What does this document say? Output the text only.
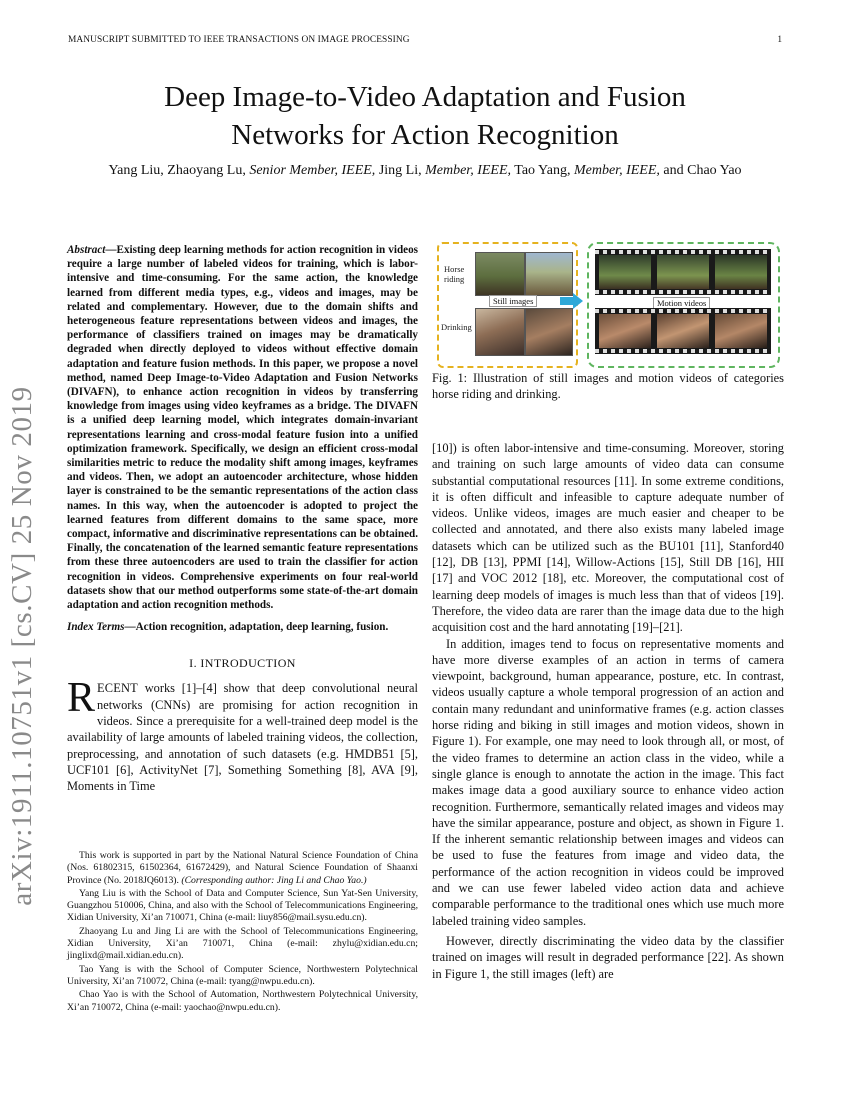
MANUSCRIPT SUBMITTED TO IEEE TRANSACTIONS ON IMAGE PROCESSING	1
arXiv:1911.10751v1 [cs.CV] 25 Nov 2019
Deep Image-to-Video Adaptation and Fusion
Networks for Action Recognition
Yang Liu, Zhaoyang Lu, Senior Member, IEEE, Jing Li, Member, IEEE, Tao Yang, Member, IEEE, and Chao Yao
Abstract—Existing deep learning methods for action recognition in videos require a large number of labeled videos for training, which is labor-intensive and time-consuming. For the same action, the knowledge learned from different media types, e.g., videos and images, may be related and complementary. However, due to the domain shifts and heterogeneous feature representations between videos and images, the performance of classifiers trained on images may be dramatically degraded when directly deployed to videos without effective domain adaptation and feature fusion methods. In this paper, we propose a novel method, named Deep Image-to-Video Adaptation and Fusion Networks (DIVAFN), to enhance action recognition in videos by transferring knowledge from images using video keyframes as a bridge. The DIVAFN is a unified deep learning model, which integrates domain-invariant representations learning and cross-modal feature fusion into a unified optimization framework. Specifically, we design an efficient cross-modal similarities metric to reduce the modality shift among images, keyframes and videos. Then, we adopt an autoencoder architecture, whose hidden layer is constrained to be the semantic representations of the action class names. In this way, when the autoencoder is adopted to project the learned features from different domains to the same space, more compact, informative and discriminative representations can be obtained. Finally, the concatenation of the learned semantic feature representations from these three autoencoders are used to train the classifier for action recognition in videos. Comprehensive experiments on four real-world datasets show that our method outperforms some state-of-the-art domain adaptation and action recognition methods.
Index Terms—Action recognition, adaptation, deep learning, fusion.
I. INTRODUCTION

RECENT works [1]–[4] show that deep convolutional neural networks (CNNs) are promising for action recognition in videos. Since a prerequisite for a well-trained deep model is the availability of large amounts of labeled training videos, the collection, preprocessing, and annotation of such datasets (e.g. HMDB51 [5], UCF101 [6], ActivityNet [7], Something Something [8], AVA [9], Moments in Time

This work is supported in part by the National Natural Science Foundation of China (Nos. 61802315, 61502364, 61672429), and Natural Science Foundation of Shaanxi Province (No. 2018JQ6013). (Corresponding author: Jing Li and Chao Yao.)

Yang Liu is with the School of Data and Computer Science, Sun Yat-Sen University, Guangzhou 510006, China, and also with the School of Telecommunications Engineering, Xidian University, Xi’an 710071, China (e-mail: liuy856@mail.sysu.edu.cn).

Zhaoyang Lu and Jing Li are with the School of Telecommunications Engineering, Xidian University, Xi’an 710071, China (e-mail: zhylu@xidian.edu.cn; jinglixd@mail.xidian.edu.cn).

Tao Yang is with the School of Computer Science, Northwestern Polytechnical University, Xi’an 710072, China (e-mail: tyang@nwpu.edu.cn).

Chao Yao is with the School of Automation, Northwestern Polytechnical University, Xi’an 710072, China (e-mail: yaochao@nwpu.edu.cn).

Horse riding
Drinking
Still images	Motion videos
Fig. 1: Illustration of still images and motion videos of categories horse riding and drinking.

[10]) is often labor-intensive and time-consuming. Moreover, storing and training on such large amounts of video data can consume substantial computational resources [11]. In some extreme conditions, it is often difficult and infeasible to capture adequate number of videos. Unlike videos, images are much easier and cheaper to be collected and annotated, and there also exists many labeled image datasets which can be utilized such as the BU101 [11], Stanford40 [12], DB [13], PPMI [14], Willow-Actions [15], Still DB [16], HII [17] and VOC 2012 [18], etc. Moreover, the computational cost of learning deep models of images is much less than that of videos [19]. Therefore, the video data are rarer than the image data due to the high acquisition cost and the hard annotating [19]–[21].

In addition, images tend to focus on representative moments and have more diverse examples of an action in terms of camera viewpoint, background, human appearance, posture, etc. In contrast, videos usually capture a whole temporal progression of an action and contain many redundant and uninformative frames (e.g. action classes horse riding and biking in still images and motion videos, shown in Figure 1). For example, one may need to look through all, or most, of the video frames to determine an action class in the video, while a single glance is enough to annotate the action in the image. This fact makes image data a good auxiliary source to enhance video action recognition. Furthermore, semantically related images and videos may have the similar appearance, posture and object, as shown in Figure 1. If the inherent semantic relationship between images and videos can be used to fuse the features from image and video data, the performance of the action recognition in videos could be improved and we can use fewer labeled video action data and achieve comparable performance to the traditional ones which use much more labeled training video samples.

However, directly discriminating the video data by the classifier trained on images will result in degraded performance [22]. As shown in Figure 1, the still images (left) are
